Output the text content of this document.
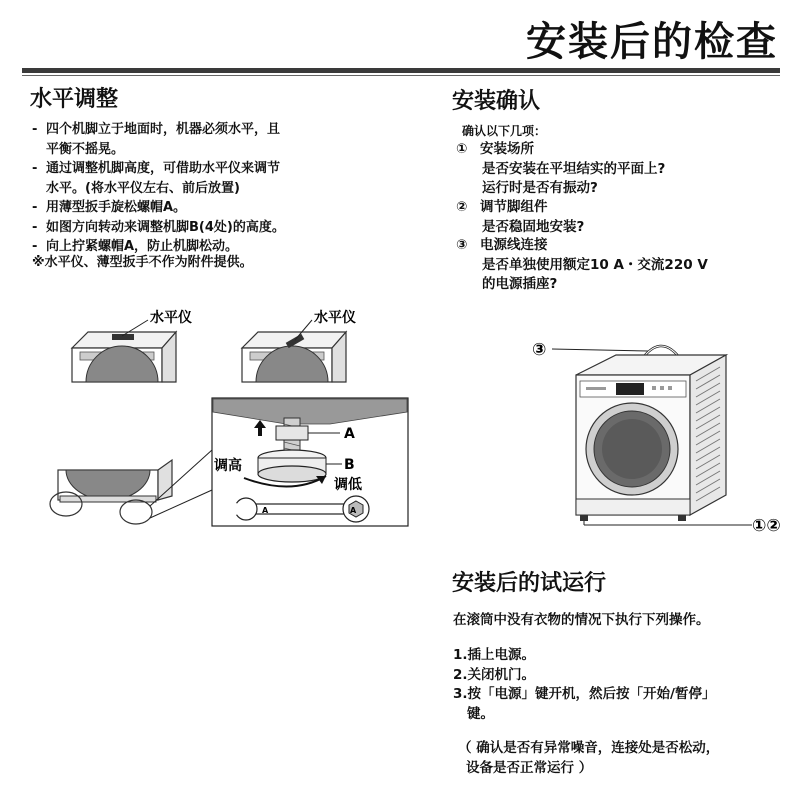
安装后的检查
水平调整
- 四个机脚立于地面时，机器必须水平，且
平衡不摇晃。
- 通过调整机脚高度，可借助水平仪来调节
水平。(将水平仪左右、前后放置)
- 用薄型扳手旋松螺帽A。
- 如图方向转动来调整机脚B(4处)的高度。
- 向上拧紧螺帽A，防止机脚松动。
※水平仪、薄型扳手不作为附件提供。
水平仪	水平仪
A
B
调高
调低
A	A
安装确认
确认以下几项：
① 安装场所
是否安装在平坦结实的平面上?
运行时是否有振动?
② 调节脚组件
是否稳固地安装?
③ 电源线连接
是否单独使用额定10 A・交流220 V
的电源插座?
③
①②
安装后的试运行
在滚筒中没有衣物的情况下执行下列操作。
1.插上电源。
2.关闭机门。
3.按「电源」键开机，然后按「开始/暂停」
键。
（ 确认是否有异常噪音，连接处是否松动，
设备是否正常运行 ）
